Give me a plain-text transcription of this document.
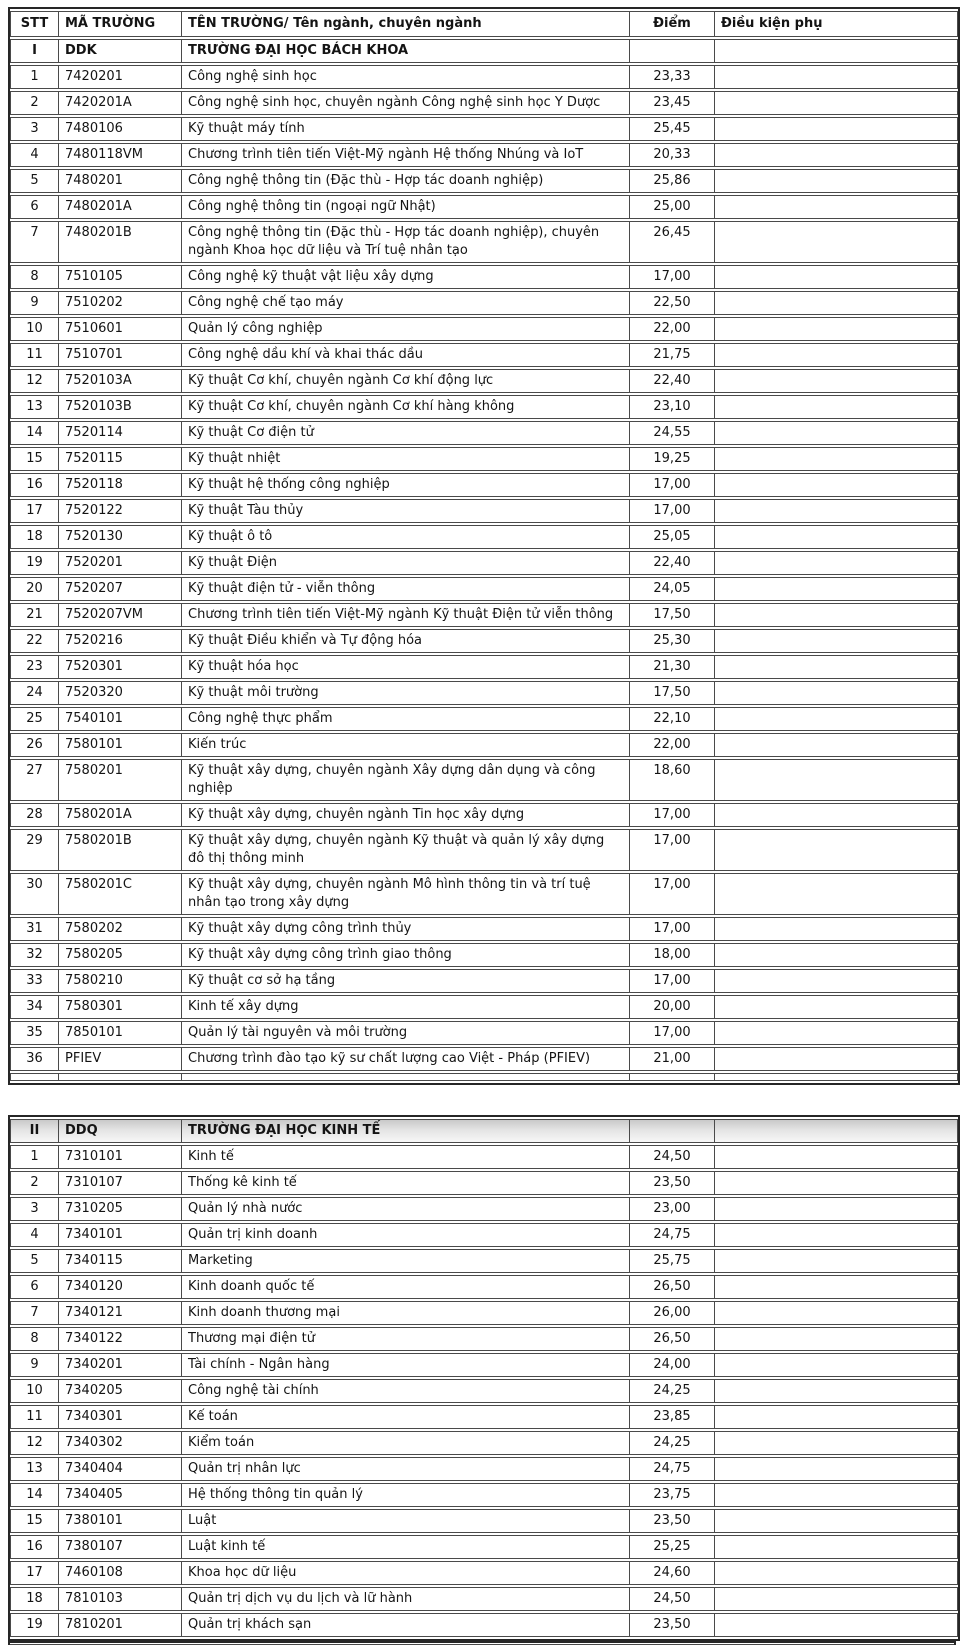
STT	MÃ TRƯỜNG	TÊN TRƯỜNG/ Tên ngành, chuyên ngành	Điểm	Điều kiện phụ
I	DDK	TRƯỜNG ĐẠI HỌC BÁCH KHOA		
1	7420201	Công nghệ sinh học	23,33	
2	7420201A	Công nghệ sinh học, chuyên ngành Công nghệ sinh học Y Dược	23,45	
3	7480106	Kỹ thuật máy tính	25,45	
4	7480118VM	Chương trình tiên tiến Việt-Mỹ ngành Hệ thống Nhúng và IoT	20,33	
5	7480201	Công nghệ thông tin (Đặc thù - Hợp tác doanh nghiệp)	25,86	
6	7480201A	Công nghệ thông tin (ngoại ngữ Nhật)	25,00	
7	7480201B	Công nghệ thông tin (Đặc thù - Hợp tác doanh nghiệp), chuyên ngành Khoa học dữ liệu và Trí tuệ nhân tạo	26,45	
8	7510105	Công nghệ kỹ thuật vật liệu xây dựng	17,00	
9	7510202	Công nghệ chế tạo máy	22,50	
10	7510601	Quản lý công nghiệp	22,00	
11	7510701	Công nghệ dầu khí và khai thác dầu	21,75	
12	7520103A	Kỹ thuật Cơ khí, chuyên ngành Cơ khí động lực	22,40	
13	7520103B	Kỹ thuật Cơ khí, chuyên ngành Cơ khí hàng không	23,10	
14	7520114	Kỹ thuật Cơ điện tử	24,55	
15	7520115	Kỹ thuật nhiệt	19,25	
16	7520118	Kỹ thuật hệ thống công nghiệp	17,00	
17	7520122	Kỹ thuật Tàu thủy	17,00	
18	7520130	Kỹ thuật ô tô	25,05	
19	7520201	Kỹ thuật Điện	22,40	
20	7520207	Kỹ thuật điện tử - viễn thông	24,05	
21	7520207VM	Chương trình tiên tiến Việt-Mỹ ngành Kỹ thuật Điện tử viễn thông	17,50	
22	7520216	Kỹ thuật Điều khiển và Tự động hóa	25,30	
23	7520301	Kỹ thuật hóa học	21,30	
24	7520320	Kỹ thuật môi trường	17,50	
25	7540101	Công nghệ thực phẩm	22,10	
26	7580101	Kiến trúc	22,00	
27	7580201	Kỹ thuật xây dựng, chuyên ngành Xây dựng dân dụng và công nghiệp	18,60	
28	7580201A	Kỹ thuật xây dựng, chuyên ngành Tin học xây dựng	17,00	
29	7580201B	Kỹ thuật xây dựng, chuyên ngành Kỹ thuật và quản lý xây dựng đô thị thông minh	17,00	
30	7580201C	Kỹ thuật xây dựng, chuyên ngành Mô hình thông tin và trí tuệ nhân tạo trong xây dựng	17,00	
31	7580202	Kỹ thuật xây dựng công trình thủy	17,00	
32	7580205	Kỹ thuật xây dựng công trình giao thông	18,00	
33	7580210	Kỹ thuật cơ sở hạ tầng	17,00	
34	7580301	Kinh tế xây dựng	20,00	
35	7850101	Quản lý tài nguyên và môi trường	17,00	
36	PFIEV	Chương trình đào tạo kỹ sư chất lượng cao Việt - Pháp (PFIEV)	21,00	

II	DDQ	TRƯỜNG ĐẠI HỌC KINH TẾ		
1	7310101	Kinh tế	24,50	
2	7310107	Thống kê kinh tế	23,50	
3	7310205	Quản lý nhà nước	23,00	
4	7340101	Quản trị kinh doanh	24,75	
5	7340115	Marketing	25,75	
6	7340120	Kinh doanh quốc tế	26,50	
7	7340121	Kinh doanh thương mại	26,00	
8	7340122	Thương mại điện tử	26,50	
9	7340201	Tài chính - Ngân hàng	24,00	
10	7340205	Công nghệ tài chính	24,25	
11	7340301	Kế toán	23,85	
12	7340302	Kiểm toán	24,25	
13	7340404	Quản trị nhân lực	24,75	
14	7340405	Hệ thống thông tin quản lý	23,75	
15	7380101	Luật	23,50	
16	7380107	Luật kinh tế	25,25	
17	7460108	Khoa học dữ liệu	24,60	
18	7810103	Quản trị dịch vụ du lịch và lữ hành	24,50	
19	7810201	Quản trị khách sạn	23,50	
